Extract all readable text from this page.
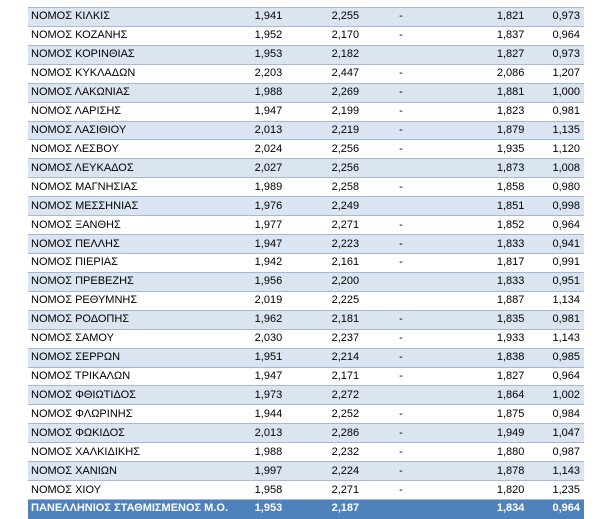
ΝΟΜΟΣ ΚΙΛΚΙΣ	1,941	2,255	-	1,821	0,973
ΝΟΜΟΣ ΚΟΖΑΝΗΣ	1,952	2,170	-	1,837	0,964
ΝΟΜΟΣ ΚΟΡΙΝΘΙΑΣ	1,953	2,182		1,827	0,973
ΝΟΜΟΣ ΚΥΚΛΑΔΩΝ	2,203	2,447	-	2,086	1,207
ΝΟΜΟΣ ΛΑΚΩΝΙΑΣ	1,988	2,269	-	1,881	1,000
ΝΟΜΟΣ ΛΑΡΙΣΗΣ	1,947	2,199	-	1,823	0,981
ΝΟΜΟΣ ΛΑΣΙΘΙΟΥ	2,013	2,219	-	1,879	1,135
ΝΟΜΟΣ ΛΕΣΒΟΥ	2,024	2,256	-	1,935	1,120
ΝΟΜΟΣ ΛΕΥΚΑΔΟΣ	2,027	2,256		1,873	1,008
ΝΟΜΟΣ ΜΑΓΝΗΣΙΑΣ	1,989	2,258	-	1,858	0,980
ΝΟΜΟΣ ΜΕΣΣΗΝΙΑΣ	1,976	2,249		1,851	0,998
ΝΟΜΟΣ ΞΑΝΘΗΣ	1,977	2,271	-	1,852	0,964
ΝΟΜΟΣ ΠΕΛΛΗΣ	1,947	2,223	-	1,833	0,941
ΝΟΜΟΣ ΠΙΕΡΙΑΣ	1,942	2,161	-	1,817	0,991
ΝΟΜΟΣ ΠΡΕΒΕΖΗΣ	1,956	2,200		1,833	0,951
ΝΟΜΟΣ ΡΕΘΥΜΝΗΣ	2,019	2,225		1,887	1,134
ΝΟΜΟΣ ΡΟΔΟΠΗΣ	1,962	2,181	-	1,835	0,981
ΝΟΜΟΣ ΣΑΜΟΥ	2,030	2,237	-	1,933	1,143
ΝΟΜΟΣ ΣΕΡΡΩΝ	1,951	2,214	-	1,838	0,985
ΝΟΜΟΣ ΤΡΙΚΑΛΩΝ	1,947	2,171	-	1,827	0,964
ΝΟΜΟΣ ΦΘΙΩΤΙΔΟΣ	1,973	2,272		1,864	1,002
ΝΟΜΟΣ ΦΛΩΡΙΝΗΣ	1,944	2,252	-	1,875	0,984
ΝΟΜΟΣ ΦΩΚΙΔΟΣ	2,013	2,286	-	1,949	1,047
ΝΟΜΟΣ ΧΑΛΚΙΔΙΚΗΣ	1,988	2,232	-	1,880	0,987
ΝΟΜΟΣ ΧΑΝΙΩΝ	1,997	2,224	-	1,878	1,143
ΝΟΜΟΣ ΧΙΟΥ	1,958	2,271	-	1,820	1,235
ΠΑΝΕΛΛΗΝΙΟΣ ΣΤΑΘΜΙΣΜΕΝΟΣ Μ.Ο.	1,953	2,187		1,834	0,964
